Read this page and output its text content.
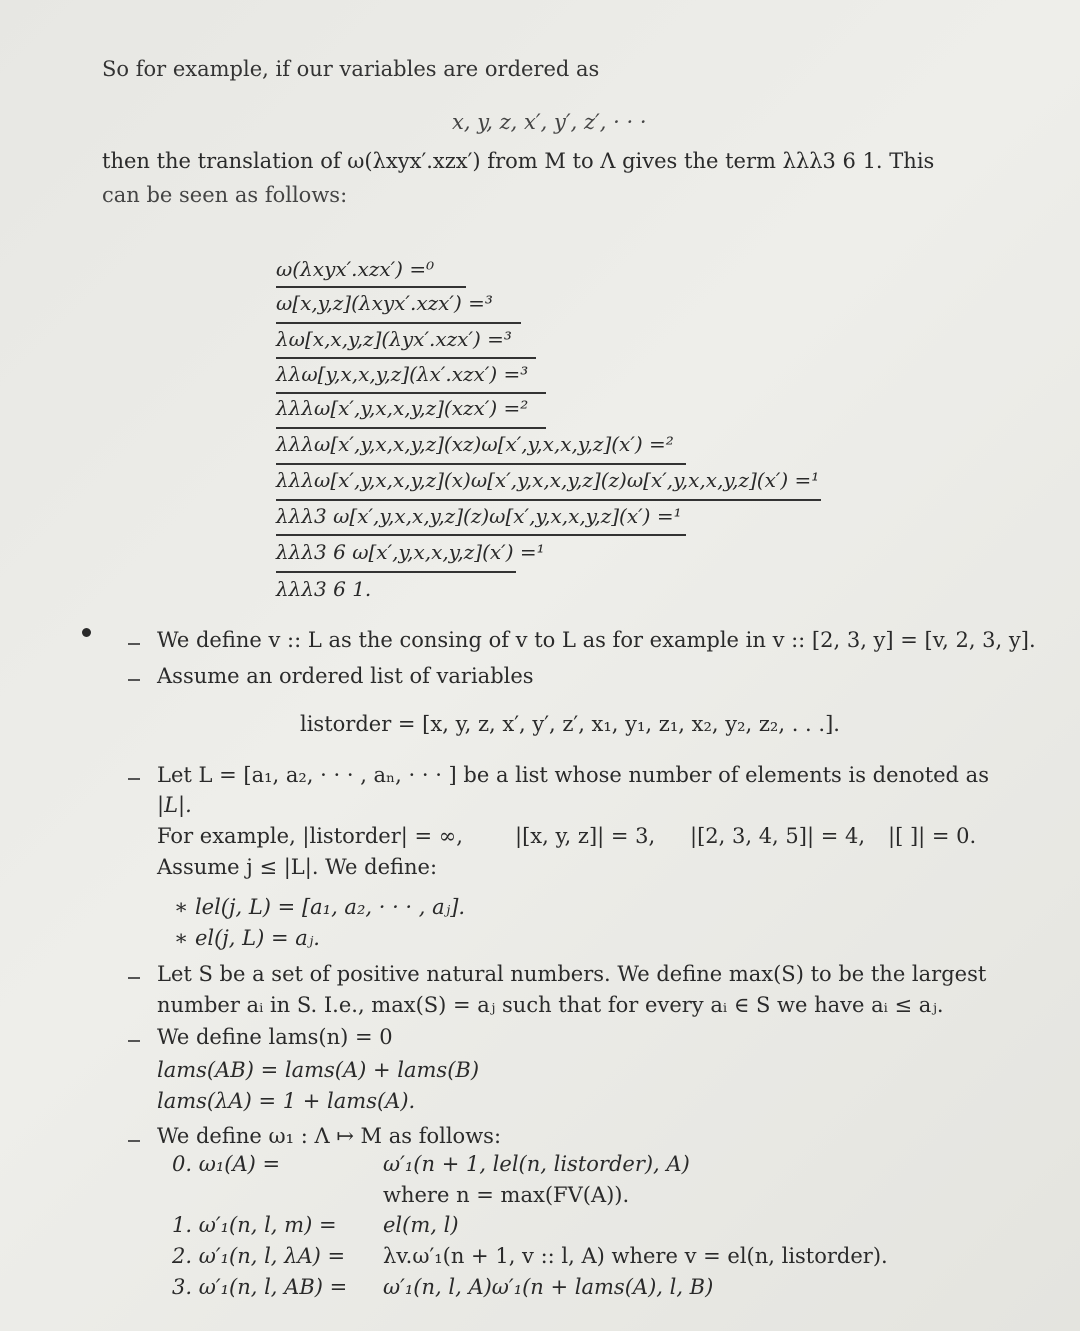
So for example, if our variables are ordered as
x, y, z, x′, y′, z′, · · ·
then the translation of ω(λxyx′.xzx′) from M to Λ gives the term λλλ3 6 1. This
can be seen as follows:
ω(λxyx′.xzx′) =⁰
ω[x,y,z](λxyx′.xzx′) =³
λω[x,x,y,z](λyx′.xzx′) =³
λλω[y,x,x,y,z](λx′.xzx′) =³
λλλω[x′,y,x,x,y,z](xzx′) =²
λλλω[x′,y,x,x,y,z](xz)ω[x′,y,x,x,y,z](x′) =²
λλλω[x′,y,x,x,y,z](x)ω[x′,y,x,x,y,z](z)ω[x′,y,x,x,y,z](x′) =¹
λλλ3 ω[x′,y,x,x,y,z](z)ω[x′,y,x,x,y,z](x′) =¹
λλλ3 6 ω[x′,y,x,x,y,z](x′) =¹
λλλ3 6 1.
We define v :: L as the consing of v to L as for example in v :: [2, 3, y] = [v, 2, 3, y].
Assume an ordered list of variables
listorder = [x, y, z, x′, y′, z′, x₁, y₁, z₁, x₂, y₂, z₂, . . .].
Let L = [a₁, a₂, · · · , aₙ, · · · ] be a list whose number of elements is denoted as
|L|.
For example, |listorder| = ∞, |[x, y, z]| = 3, |[2, 3, 4, 5]| = 4, |[ ]| = 0.
Assume j ≤ |L|. We define:
∗ lel(j, L) = [a₁, a₂, · · · , aⱼ].
∗ el(j, L) = aⱼ.
Let S be a set of positive natural numbers. We define max(S) to be the largest
number aᵢ in S. I.e., max(S) = aⱼ such that for every aᵢ ∈ S we have aᵢ ≤ aⱼ.
We define lams(n) = 0
lams(AB) = lams(A) + lams(B)
lams(λA) = 1 + lams(A).
We define ω₁ : Λ ↦ M as follows:
0. ω₁(A) =	ω′₁(n + 1, lel(n, listorder), A)
where n = max(FV(A)).
1. ω′₁(n, l, m) = el(m, l)
2. ω′₁(n, l, λA) = λv.ω′₁(n + 1, v :: l, A) where v = el(n, listorder).
3. ω′₁(n, l, AB) = ω′₁(n, l, A)ω′₁(n + lams(A), l, B)
